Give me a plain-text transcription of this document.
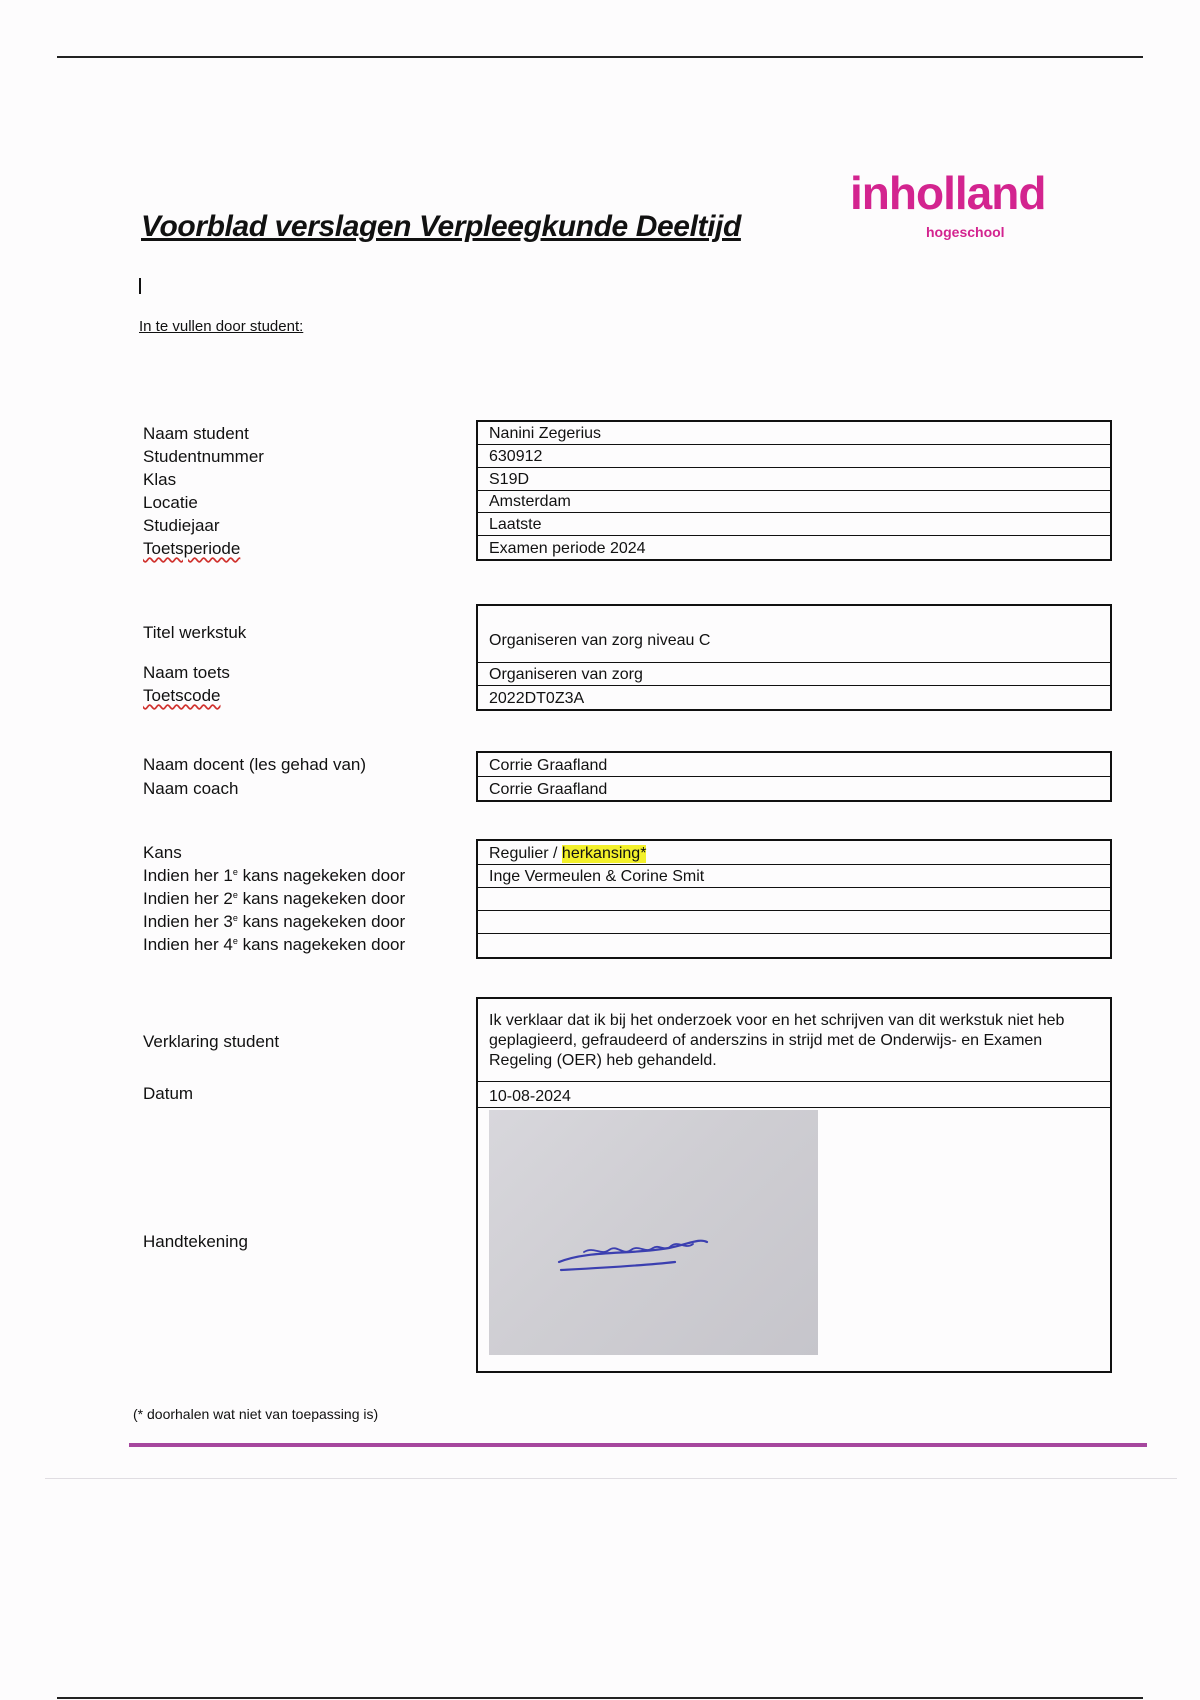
Voorblad verslagen Verpleegkunde Deeltijd
inholland
hogeschool
In te vullen door student:
Naam student
Studentnummer
Klas
Locatie
Studiejaar
Toetsperiode
Nanini Zegerius
630912
S19D
Amsterdam
Laatste
Examen periode 2024
Titel werkstuk
Naam toets
Toetscode
Organiseren van zorg niveau C
Organiseren van zorg
2022DT0Z3A
Naam docent (les gehad van)
Naam coach
Corrie Graafland
Corrie Graafland
Kans
Indien her 1e kans nagekeken door
Indien her 2e kans nagekeken door
Indien her 3e kans nagekeken door
Indien her 4e kans nagekeken door
Regulier / herkansing*
Inge Vermeulen & Corine Smit
Verklaring student
Datum
Handtekening
Ik verklaar dat ik bij het onderzoek voor en het schrijven van dit werkstuk niet heb geplagieerd, gefraudeerd of anderszins in strijd met de Onderwijs- en Examen Regeling (OER) heb gehandeld.
10-08-2024
(* doorhalen wat niet van toepassing is)
